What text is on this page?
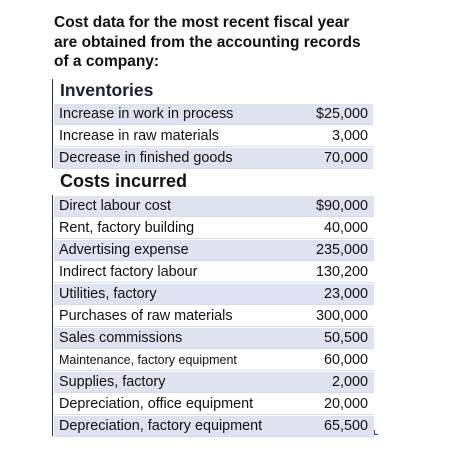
Cost data for the most recent fiscal year
are obtained from the accounting records
of a company:
Inventories
Increase in work in process	$25,000
Increase in raw materials	3,000
Decrease in finished goods	70,000
Costs incurred
Direct labour cost	$90,000
Rent, factory building	40,000
Advertising expense	235,000
Indirect factory labour	130,200
Utilities, factory	23,000
Purchases of raw materials	300,000
Sales commissions	50,500
Maintenance, factory equipment	60,000
Supplies, factory	2,000
Depreciation, office equipment	20,000
Depreciation, factory equipment	65,500
